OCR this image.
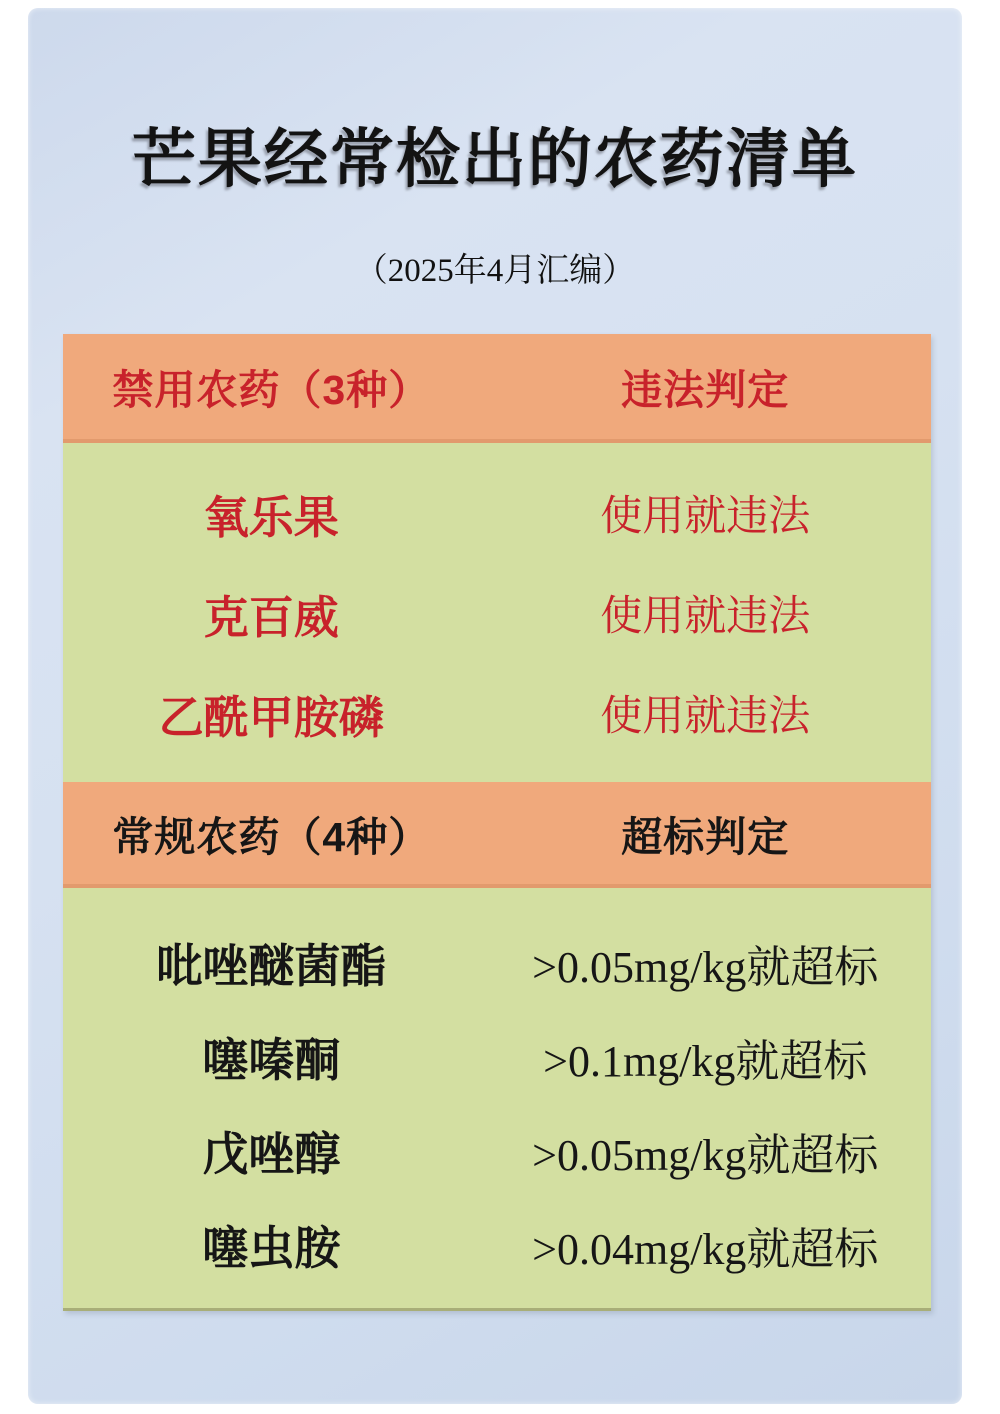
芒果经常检出的农药清单
（2025年4月汇编）
禁用农药（3种）	违法判定
氧乐果	使用就违法
克百威	使用就违法
乙酰甲胺磷	使用就违法
常规农药（4种）	超标判定
吡唑醚菌酯	>0.05mg/kg就超标
噻嗪酮	>0.1mg/kg就超标
戊唑醇	>0.05mg/kg就超标
噻虫胺	>0.04mg/kg就超标
